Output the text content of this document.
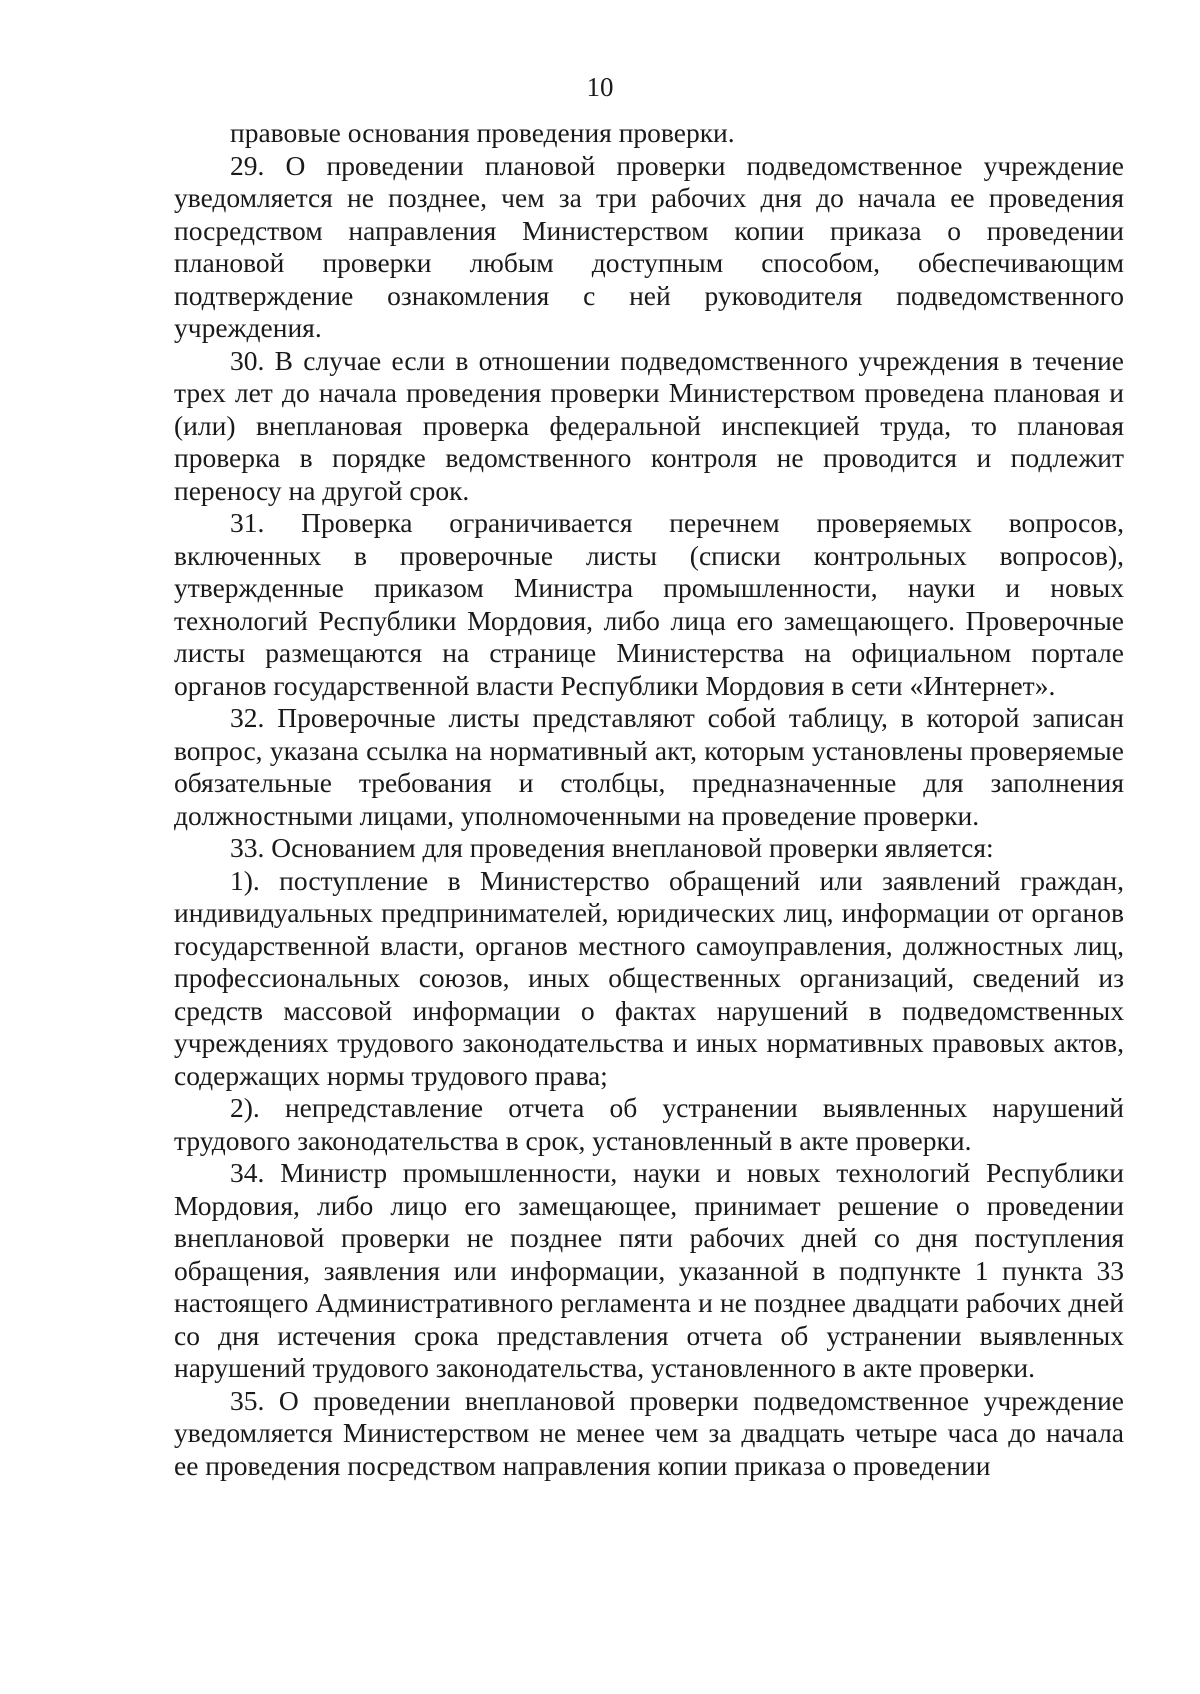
10

правовые основания проведения проверки.

29. О проведении плановой проверки подведомственное учреждение уведомляется не позднее, чем за три рабочих дня до начала ее проведения посредством направления Министерством копии приказа о проведении плановой проверки любым доступным способом, обеспечивающим подтверждение ознакомления с ней руководителя подведомственного учреждения.

30. В случае если в отношении подведомственного учреждения в течение трех лет до начала проведения проверки Министерством проведена плановая и (или) внеплановая проверка федеральной инспекцией труда, то плановая проверка в порядке ведомственного контроля не проводится и подлежит переносу на другой срок.

31. Проверка ограничивается перечнем проверяемых вопросов, включенных в проверочные листы (списки контрольных вопросов), утвержденные приказом Министра промышленности, науки и новых технологий Республики Мордовия, либо лица его замещающего. Проверочные листы размещаются на странице Министерства на официальном портале органов государственной власти Республики Мордовия в сети «Интернет».

32. Проверочные листы представляют собой таблицу, в которой записан вопрос, указана ссылка на нормативный акт, которым установлены проверяемые обязательные требования и столбцы, предназначенные для заполнения должностными лицами, уполномоченными на проведение проверки.

33. Основанием для проведения внеплановой проверки является:

1). поступление в Министерство обращений или заявлений граждан, индивидуальных предпринимателей, юридических лиц, информации от органов государственной власти, органов местного самоуправления, должностных лиц, профессиональных союзов, иных общественных организаций, сведений из средств массовой информации о фактах нарушений в подведомственных учреждениях трудового законодательства и иных нормативных правовых актов, содержащих нормы трудового права;

2). непредставление отчета об устранении выявленных нарушений трудового законодательства в срок, установленный в акте проверки.

34. Министр промышленности, науки и новых технологий Республики Мордовия, либо лицо его замещающее, принимает решение о проведении внеплановой проверки не позднее пяти рабочих дней со дня поступления обращения, заявления или информации, указанной в подпункте 1 пункта 33 настоящего Административного регламента и не позднее двадцати рабочих дней со дня истечения срока представления отчета об устранении выявленных нарушений трудового законодательства, установленного в акте проверки.

35. О проведении внеплановой проверки подведомственное учреждение уведомляется Министерством не менее чем за двадцать четыре часа до начала ее проведения посредством направления копии приказа о проведении
